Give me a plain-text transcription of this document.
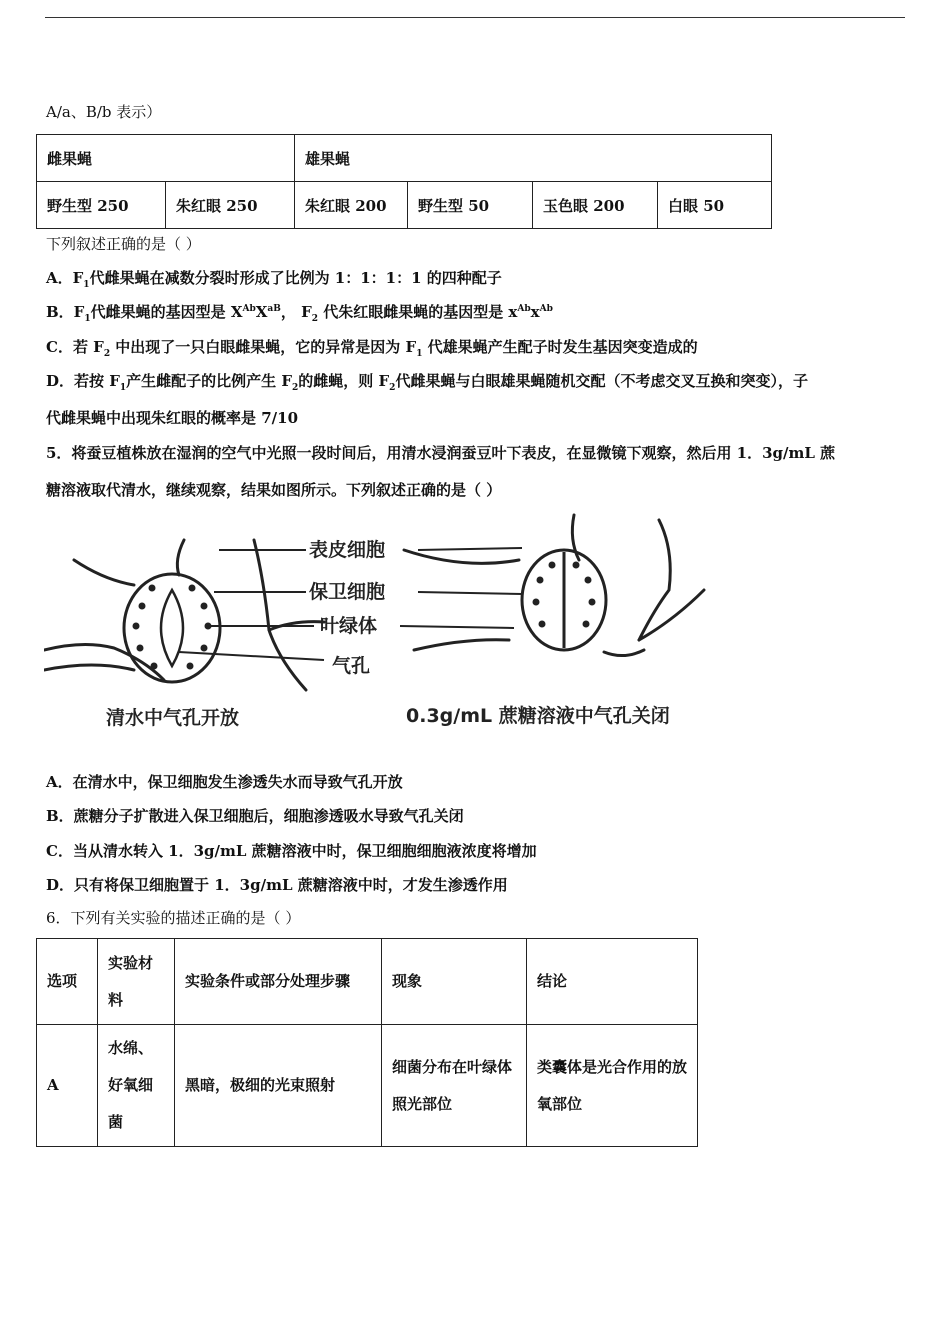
A/a、B/b 表示）
雌果蝇		雄果蝇			
野生型 250	朱红眼 250	朱红眼 200	野生型 50	玉色眼 200	白眼 50
下列叙述正确的是（ ）
A．$F_1$代雌果蝇在减数分裂时形成了比例为 1：1：1：1 的四种配子
B．$F_1$代雌果蝇的基因型是 $X^{Ab}X^{aB}$， $F_2$ 代朱红眼雌果蝇的基因型是 $x^{Ab}x^{Ab}$
C．若 $F_2$ 中出现了一只白眼雌果蝇，它的异常是因为 $F_1$ 代雄果蝇产生配子时发生基因突变造成的
D．若按 $F_1$产生雌配子的比例产生 $F_2$的雌蝇，则 $F_2$代雌果蝇与白眼雄果蝇随机交配（不考虑交叉互换和突变），子
代雌果蝇中出现朱红眼的概率是 7/10
5．将蚕豆植株放在湿润的空气中光照一段时间后，用清水浸润蚕豆叶下表皮，在显微镜下观察，然后用 1．3g/mL 蔗
糖溶液取代清水，继续观察，结果如图所示。下列叙述正确的是（ ）
表皮细胞
保卫细胞
叶绿体
气孔
清水中气孔开放	0.3g/mL 蔗糖溶液中气孔关闭
A．在清水中，保卫细胞发生渗透失水而导致气孔开放
B．蔗糖分子扩散进入保卫细胞后，细胞渗透吸水导致气孔关闭
C．当从清水转入 1．3g/mL 蔗糖溶液中时，保卫细胞细胞液浓度将增加
D．只有将保卫细胞置于 1．3g/mL 蔗糖溶液中时，才发生渗透作用
6．下列有关实验的描述正确的是（ ）
选项	实验材料	实验条件或部分处理步骤	现象	结论
A	水绵、好氧细菌	黑暗，极细的光束照射	细菌分布在叶绿体照光部位	类囊体是光合作用的放氧部位
